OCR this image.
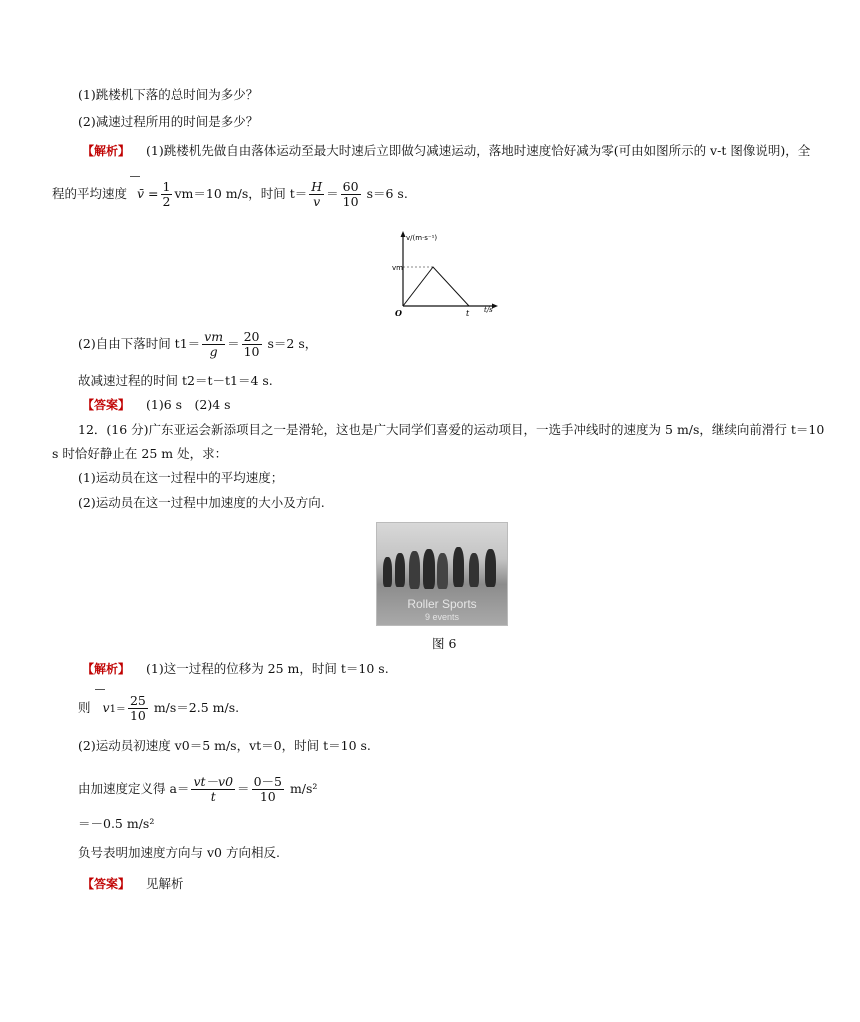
(1)跳楼机下落的总时间为多少？
(2)减速过程所用的时间是多少？
【解析】 (1)跳楼机先做自由落体运动至最大时速后立即做匀减速运动，落地时速度恰好减为零(可由如图所示的 v-t 图像说明)，全
程的平均速度 v̄ = $\frac{1}{2} vm=10$ m/s，时间 $t= \frac{H}{v} = \frac{60}{10} s=6$ s.
v/(m·s⁻¹)
vm
O	t t/s
(2)自由下落时间 $t1= \frac{vm}{g} = \frac{20}{10} s=2$ s，
故减速过程的时间 t2＝t－t1＝4 s.
【答案】 (1)6 s　(2)4 s
12．(16 分)广东亚运会新添项目之一是滑轮，这也是广大同学们喜爱的运动项目，一选手冲线时的速度为 5 m/s，继续向前滑行 t＝10
s 时恰好静止在 25 m 处，求：
(1)运动员在这一过程中的平均速度；
(2)运动员在这一过程中加速度的大小及方向.
Roller Sports
9 events
图 6
【解析】 (1)这一过程的位移为 25 m，时间 t＝10 s.
则 $v1= \frac{25}{10} m/s=2.5$ m/s.
(2)运动员初速度 v0＝5 m/s，vt＝0，时间 t＝10 s.
由加速度定义得 $a= \frac{vt-v0}{t} = \frac{0-5}{10} m/s^2$
＝－0.5 m/s²
负号表明加速度方向与 v0 方向相反.
【答案】 见解析
